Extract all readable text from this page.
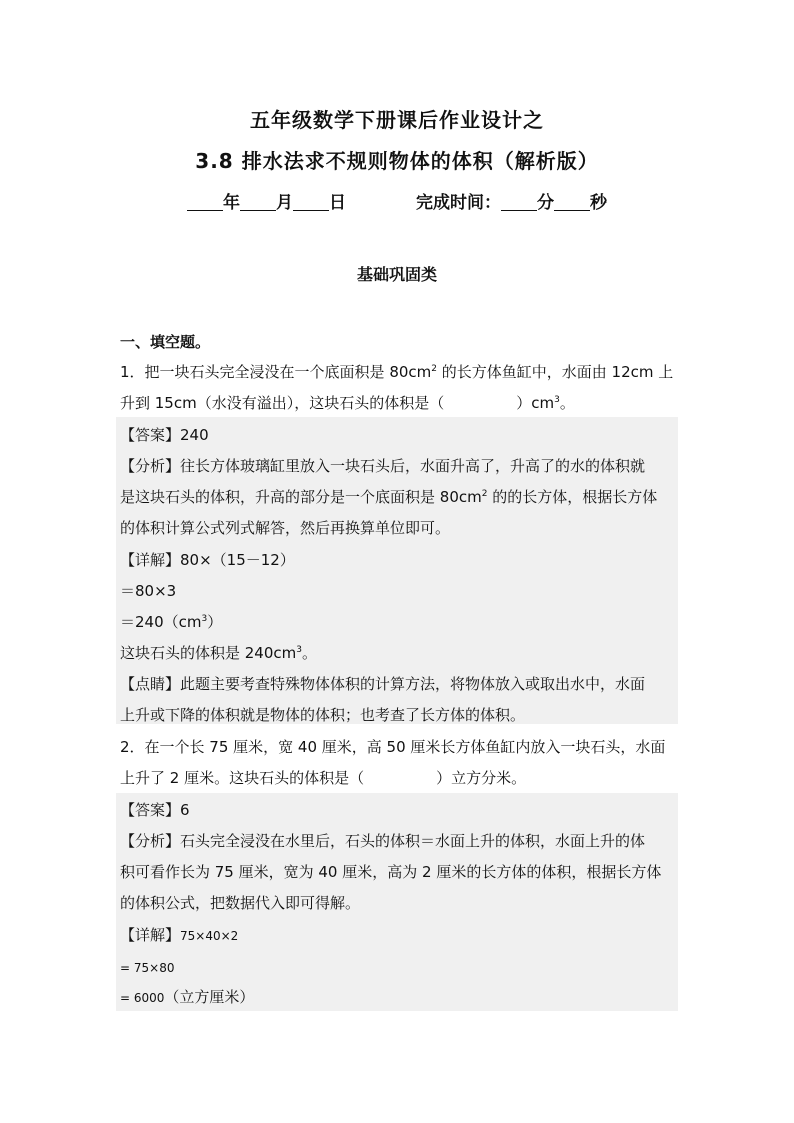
五年级数学下册课后作业设计之
3.8 排水法求不规则物体的体积（解析版）
年 月 日	完成时间： 分 秒
基础巩固类
一、填空题。
1．把一块石头完全浸没在一个底面积是 $80cm^2$ 的长方体鱼缸中，水面由 12cm 上
升到 15cm（水没有溢出），这块石头的体积是（	）$cm^3$。
【答案】240
【分析】往长方体玻璃缸里放入一块石头后，水面升高了，升高了的水的体积就
是这块石头的体积，升高的部分是一个底面积是 $80cm^2$ 的的长方体，根据长方体
的体积计算公式列式解答，然后再换算单位即可。
【详解】80×（15－12）
＝80×3
$=240(cm^3)$
这块石头的体积是 $240cm^3$。
【点睛】此题主要考查特殊物体体积的计算方法，将物体放入或取出水中，水面
上升或下降的体积就是物体的体积；也考查了长方体的体积。
2．在一个长 75 厘米，宽 40 厘米，高 50 厘米长方体鱼缸内放入一块石头，水面
上升了 2 厘米。这块石头的体积是（	）立方分米。
【答案】6
【分析】石头完全浸没在水里后，石头的体积＝水面上升的体积，水面上升的体
积可看作长为 75 厘米，宽为 40 厘米，高为 2 厘米的长方体的体积，根据长方体
的体积公式，把数据代入即可得解。
【详解】75×40×2
= 75×80
= 6000（立方厘米）
